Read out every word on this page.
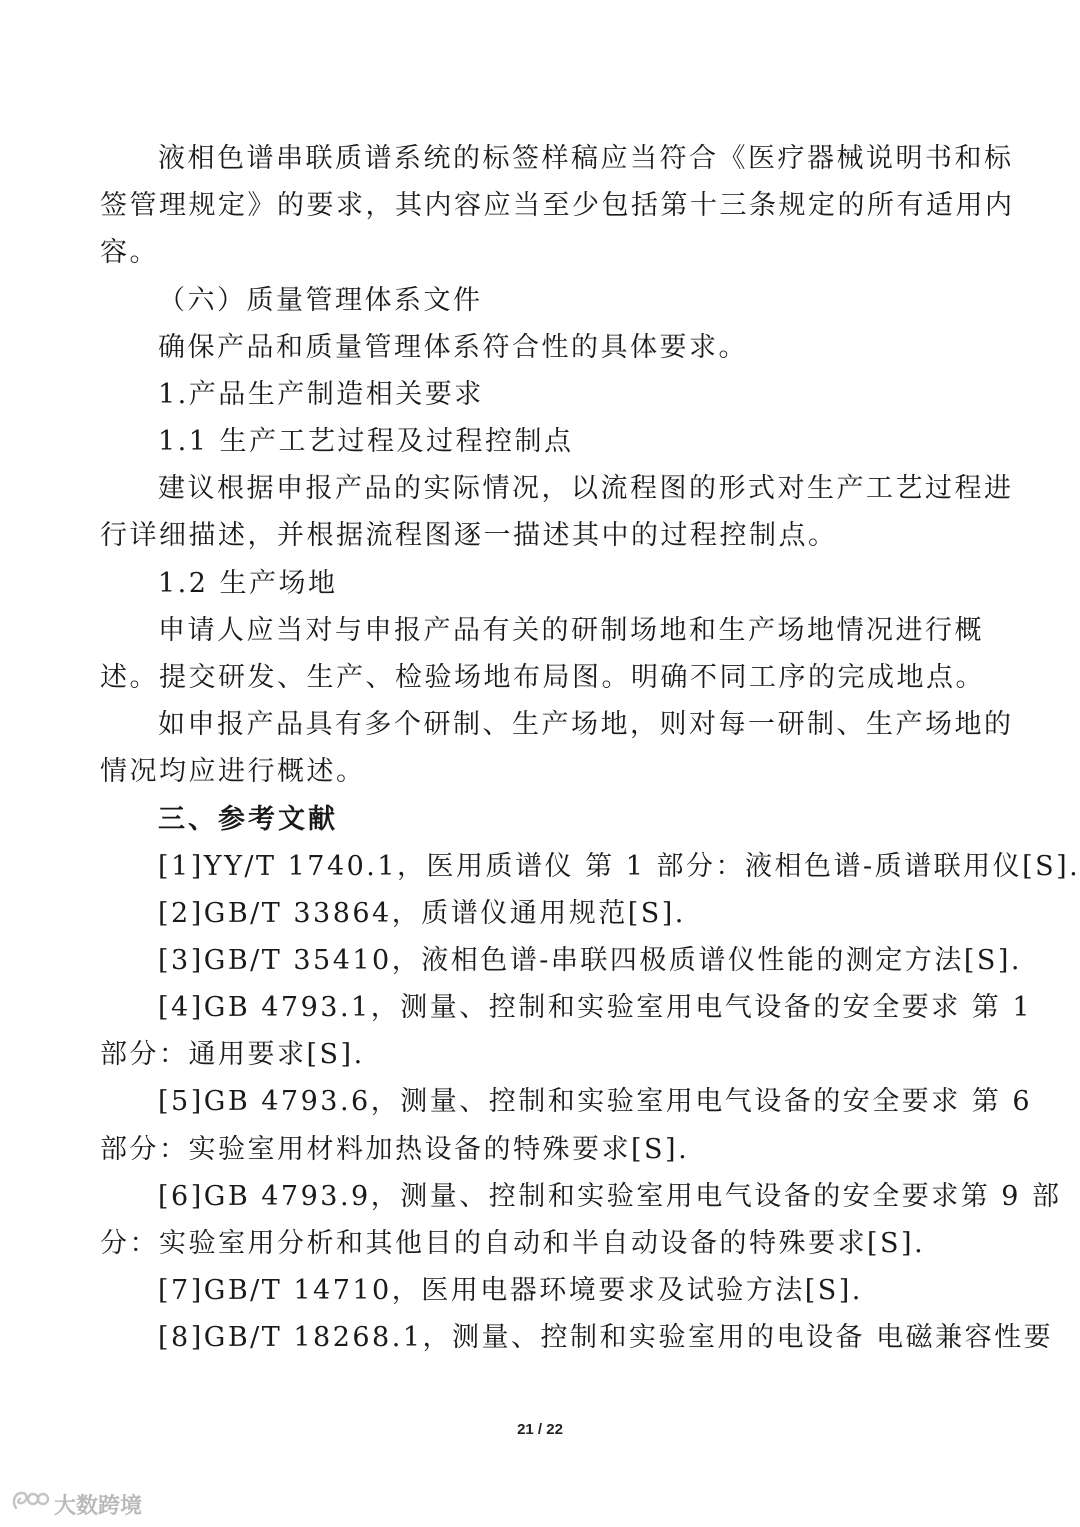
液相色谱串联质谱系统的标签样稿应当符合《医疗器械说明书和标
签管理规定》的要求，其内容应当至少包括第十三条规定的所有适用内
容。
（六）质量管理体系文件
确保产品和质量管理体系符合性的具体要求。
1.产品生产制造相关要求
1.1 生产工艺过程及过程控制点
建议根据申报产品的实际情况，以流程图的形式对生产工艺过程进
行详细描述，并根据流程图逐一描述其中的过程控制点。
1.2 生产场地
申请人应当对与申报产品有关的研制场地和生产场地情况进行概
述。提交研发、生产、检验场地布局图。明确不同工序的完成地点。
如申报产品具有多个研制、生产场地，则对每一研制、生产场地的
情况均应进行概述。
三、参考文献
[1]YY/T 1740.1，医用质谱仪 第 1 部分：液相色谱-质谱联用仪[S].
[2]GB/T 33864，质谱仪通用规范[S].
[3]GB/T 35410，液相色谱-串联四极质谱仪性能的测定方法[S].
[4]GB 4793.1，测量、控制和实验室用电气设备的安全要求 第 1
部分：通用要求[S].
[5]GB 4793.6，测量、控制和实验室用电气设备的安全要求 第 6
部分：实验室用材料加热设备的特殊要求[S].
[6]GB 4793.9，测量、控制和实验室用电气设备的安全要求第 9 部
分：实验室用分析和其他目的自动和半自动设备的特殊要求[S].
[7]GB/T 14710，医用电器环境要求及试验方法[S].
[8]GB/T 18268.1，测量、控制和实验室用的电设备 电磁兼容性要
21 / 22
大数跨境
